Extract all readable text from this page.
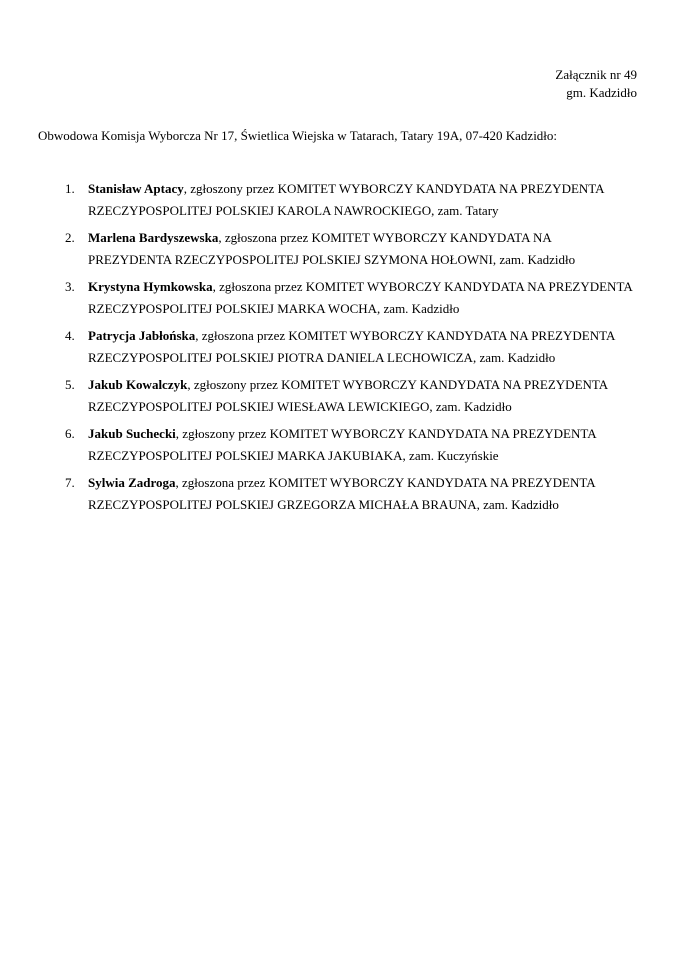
Załącznik nr 49
gm. Kadzidło

Obwodowa Komisja Wyborcza Nr 17, Świetlica Wiejska w Tatarach, Tatary 19A, 07-420 Kadzidło:

1.	Stanisław Aptacy, zgłoszony przez KOMITET WYBORCZY KANDYDATA NA PREZYDENTA RZECZYPOSPOLITEJ POLSKIEJ KAROLA NAWROCKIEGO, zam. Tatary
2.	Marlena Bardyszewska, zgłoszona przez KOMITET WYBORCZY KANDYDATA NA PREZYDENTA RZECZYPOSPOLITEJ POLSKIEJ SZYMONA HOŁOWNI, zam. Kadzidło
3.	Krystyna Hymkowska, zgłoszona przez KOMITET WYBORCZY KANDYDATA NA PREZYDENTA RZECZYPOSPOLITEJ POLSKIEJ MARKA WOCHA, zam. Kadzidło
4.	Patrycja Jabłońska, zgłoszona przez KOMITET WYBORCZY KANDYDATA NA PREZYDENTA RZECZYPOSPOLITEJ POLSKIEJ PIOTRA DANIELA LECHOWICZA, zam. Kadzidło
5.	Jakub Kowalczyk, zgłoszony przez KOMITET WYBORCZY KANDYDATA NA PREZYDENTA RZECZYPOSPOLITEJ POLSKIEJ WIESŁAWA LEWICKIEGO, zam. Kadzidło
6.	Jakub Suchecki, zgłoszony przez KOMITET WYBORCZY KANDYDATA NA PREZYDENTA RZECZYPOSPOLITEJ POLSKIEJ MARKA JAKUBIAKA, zam. Kuczyńskie
7.	Sylwia Zadroga, zgłoszona przez KOMITET WYBORCZY KANDYDATA NA PREZYDENTA RZECZYPOSPOLITEJ POLSKIEJ GRZEGORZA MICHAŁA BRAUNA, zam. Kadzidło
